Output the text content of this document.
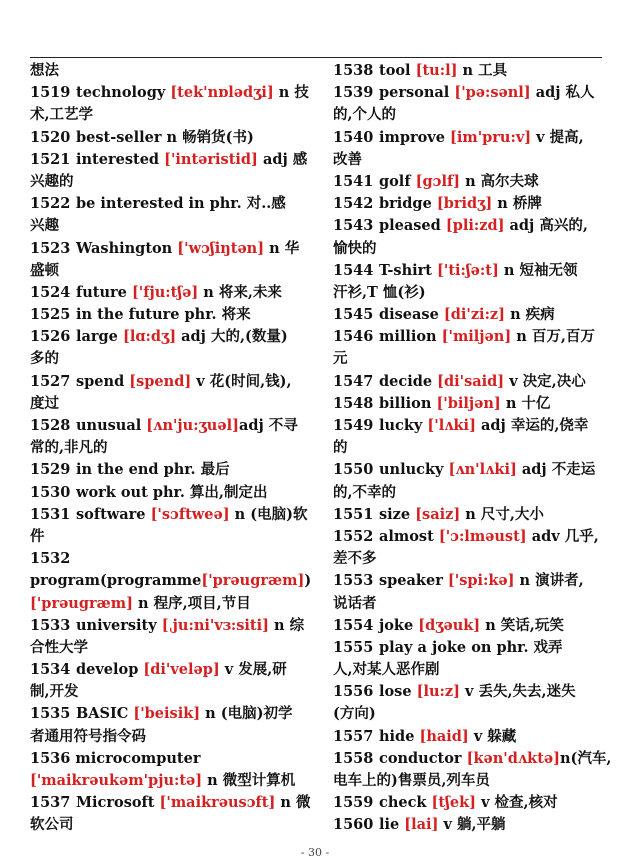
想法
1519 technology [tek'nɒlədʒi] n 技
术,工艺学
1520 best-seller n 畅销货(书)
1521 interested ['intəristid] adj 感
兴趣的
1522 be interested in phr. 对..感
兴趣
1523 Washington ['wɔʃiŋtən] n 华
盛顿
1524 future ['fju:tʃə] n 将来,未来
1525 in the future phr. 将来
1526 large [lɑ:dʒ] adj 大的,(数量)
多的
1527 spend [spend] v 花(时间,钱),
度过
1528 unusual [ʌn'ju:ʒuəl]adj 不寻
常的,非凡的
1529 in the end phr. 最后
1530 work out phr. 算出,制定出
1531 software ['sɔftweə] n (电脑)软
件
1532
program(programme['prəugræm])
['prəugræm] n 程序,项目,节目
1533 university [ˌju:ni'vɜ:siti] n 综
合性大学
1534 develop [di'veləp] v 发展,研
制,开发
1535 BASIC ['beisik] n (电脑)初学
者通用符号指令码
1536 microcomputer
['maikrəukəm'pju:tə] n 微型计算机
1537 Microsoft ['maikrəusɔft] n 微
软公司
1538 tool [tu:l] n 工具
1539 personal ['pə:sənl] adj 私人
的,个人的
1540 improve [im'pru:v] v 提高,
改善
1541 golf [gɔlf] n 高尔夫球
1542 bridge [bridʒ] n 桥牌
1543 pleased [pli:zd] adj 高兴的,
愉快的
1544 T-shirt ['ti:ʃə:t] n 短袖无领
汗衫,T 恤(衫)
1545 disease [di'zi:z] n 疾病
1546 million ['miljən] n 百万,百万
元
1547 decide [di'said] v 决定,决心
1548 billion ['biljən] n 十亿
1549 lucky ['lʌki] adj 幸运的,侥幸
的
1550 unlucky [ʌn'lʌki] adj 不走运
的,不幸的
1551 size [saiz] n 尺寸,大小
1552 almost ['ɔ:lməust] adv 几乎,
差不多
1553 speaker ['spi:kə] n 演讲者,
说话者
1554 joke [dʒəuk] n 笑话,玩笑
1555 play a joke on phr. 戏弄
人,对某人恶作剧
1556 lose [lu:z] v 丢失,失去,迷失
(方向)
1557 hide [haid] v 躲藏
1558 conductor [kən'dʌktə]n(汽车,
电车上的)售票员,列车员
1559 check [tʃek] v 检查,核对
1560 lie [lai] v 躺,平躺
- 30 -
